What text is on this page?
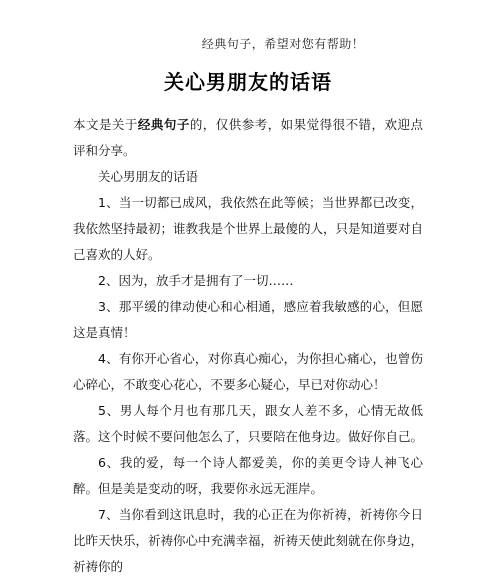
经典句子，希望对您有帮助！
关心男朋友的话语

本文是关于经典句子的，仅供参考，如果觉得很不错，欢迎点评和分享。

关心男朋友的话语

1、当一切都已成风，我依然在此等候；当世界都已改变，我依然坚持最初；谁教我是个世界上最傻的人，只是知道要对自己喜欢的人好。

2、因为，放手才是拥有了一切……

3、那平缓的律动使心和心相通，感应着我敏感的心，但愿这是真情！

4、有你开心省心，对你真心痴心，为你担心痛心，也曾伤心碎心，不敢变心花心，不要多心疑心，早已对你动心！

5、男人每个月也有那几天，跟女人差不多，心情无故低落。这个时候不要问他怎么了，只要陪在他身边。做好你自己。

6、我的爱，每一个诗人都爱美，你的美更令诗人神飞心醉。但是美是变动的呀，我要你永远无涯岸。

7、当你看到这讯息时，我的心正在为你祈祷，祈祷你今日比昨天快乐，祈祷你心中充满幸福，祈祷天使此刻就在你身边，祈祷你的
